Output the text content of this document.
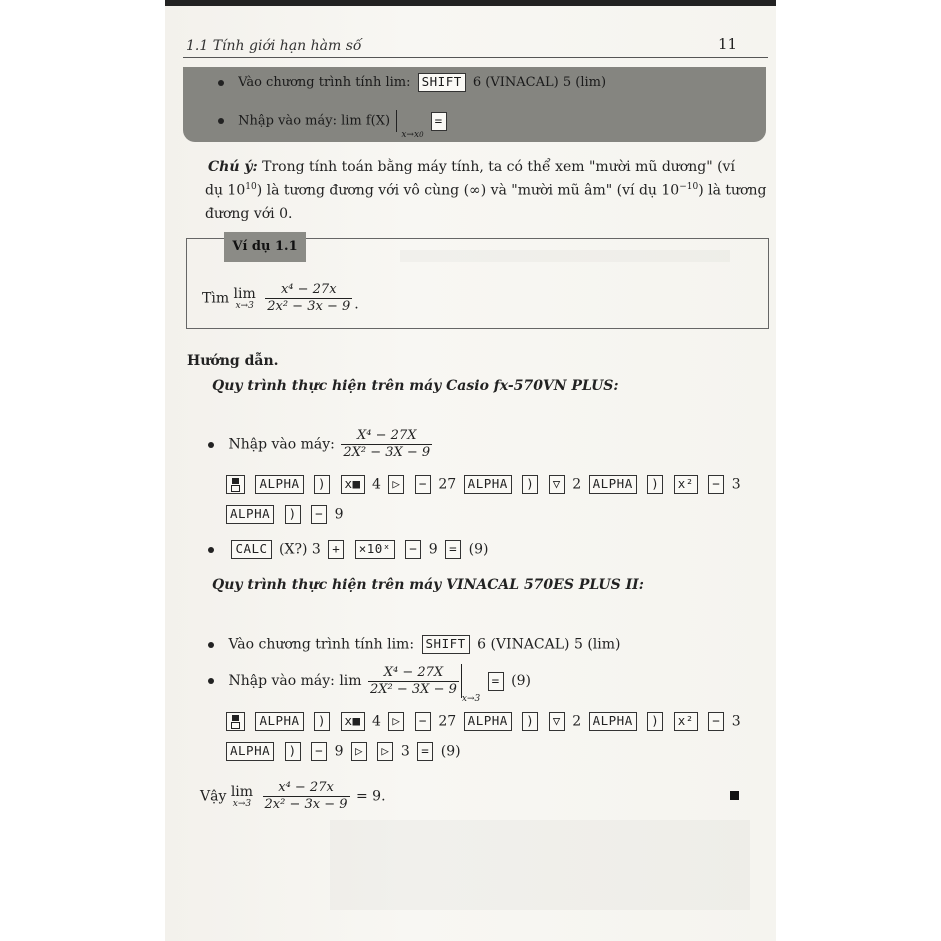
1.1 Tính giới hạn hàm số	11
Vào chương trình tính lim: SHIFT 6 (VINACAL) 5 (lim)
Nhập vào máy: lim f(X)  $_{x\to x0}$ =
Chú ý: Trong tính toán bằng máy tính, ta có thể xem "mười mũ dương" (ví
dụ $10^{10}$) là tương đương với vô cùng (∞) và "mười mũ âm" (ví dụ $10^{-10}$) là tương
đương với 0.
Ví dụ 1.1
Tìm lim
x→3
$\frac{\text{x⁴ − 27x}}{\text{2x² − 3x − 9}}$ .
Hướng dẫn.
Quy trình thực hiện trên máy Casio fx-570VN PLUS:
Nhập vào máy: $\frac{\text{X⁴ − 27X}}{\text{2X² − 3X − 9}}$
ALPHA ) x■ 4 ▷ − 27 ALPHA ) ▽ 2 ALPHA ) x² − 3
ALPHA ) − 9
CALC (X?) 3 + ×10ˣ − 9 = (9)
Quy trình thực hiện trên máy VINACAL 570ES PLUS II:
Vào chương trình tính lim: SHIFT 6 (VINACAL) 5 (lim)
Nhập vào máy: $\lim \frac{\text{X⁴ − 27X}}{\text{2X² − 3X − 9}}$
$_{x\to 3}$ = (9)
ALPHA ) x■ 4 ▷ − 27 ALPHA ) ▽ 2 ALPHA ) x² − 3
ALPHA ) − 9 ▷ ▷ 3 = (9)
Vậy lim
x→3
$\frac{\text{x⁴ − 27x}}{\text{2x² − 3x − 9}} = 9$.
